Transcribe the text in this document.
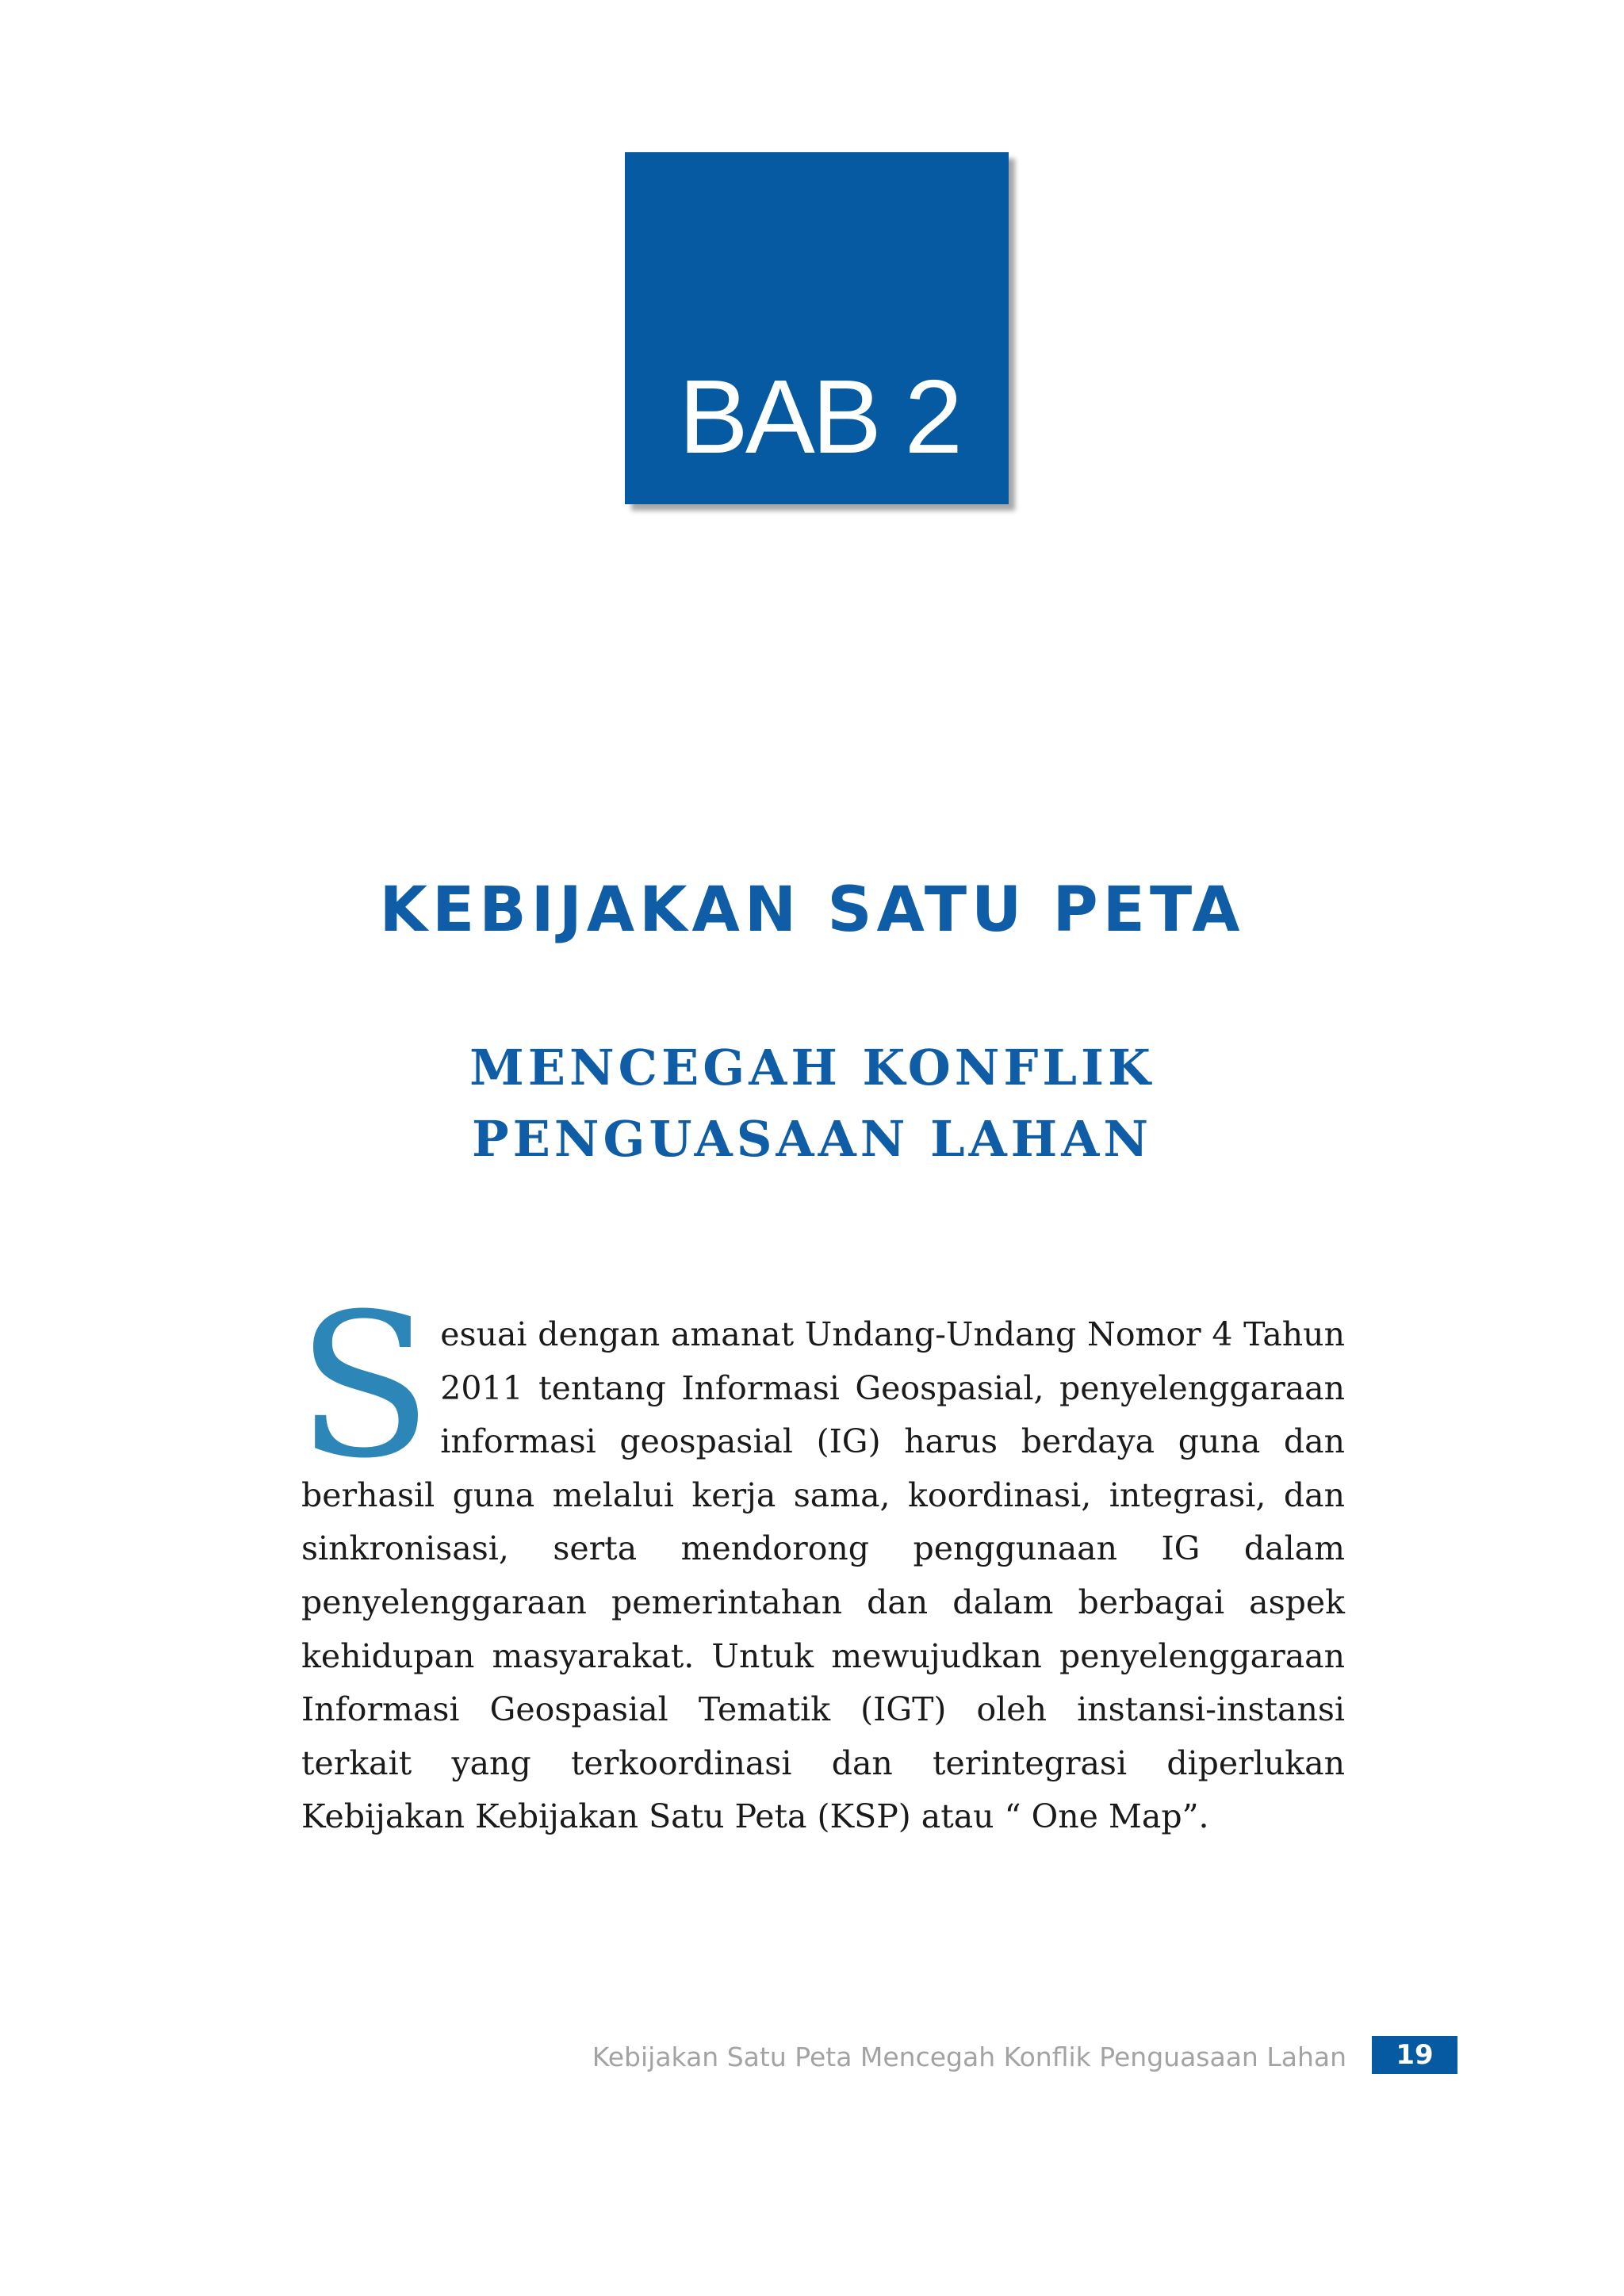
BAB 2
KEBIJAKAN SATU PETA
MENCEGAH KONFLIK
PENGUASAAN LAHAN

Sesuai dengan amanat Undang-Undang Nomor 4 Tahun 2011 tentang Informasi Geospasial, penyelenggaraan informasi geospasial (IG) harus berdaya guna dan berhasil guna melalui kerja sama, koordinasi, integrasi, dan sinkronisasi, serta mendorong penggunaan IG dalam penyelenggaraan pemerintahan dan dalam berbagai aspek kehidupan masyarakat. Untuk mewujudkan penyelenggaraan Informasi Geospasial Tematik (IGT) oleh instansi-instansi terkait yang terkoordinasi dan terintegrasi diperlukan Kebijakan Kebijakan Satu Peta (KSP) atau “ One Map”.

Kebijakan Satu Peta Mencegah Konflik Penguasaan Lahan	19
